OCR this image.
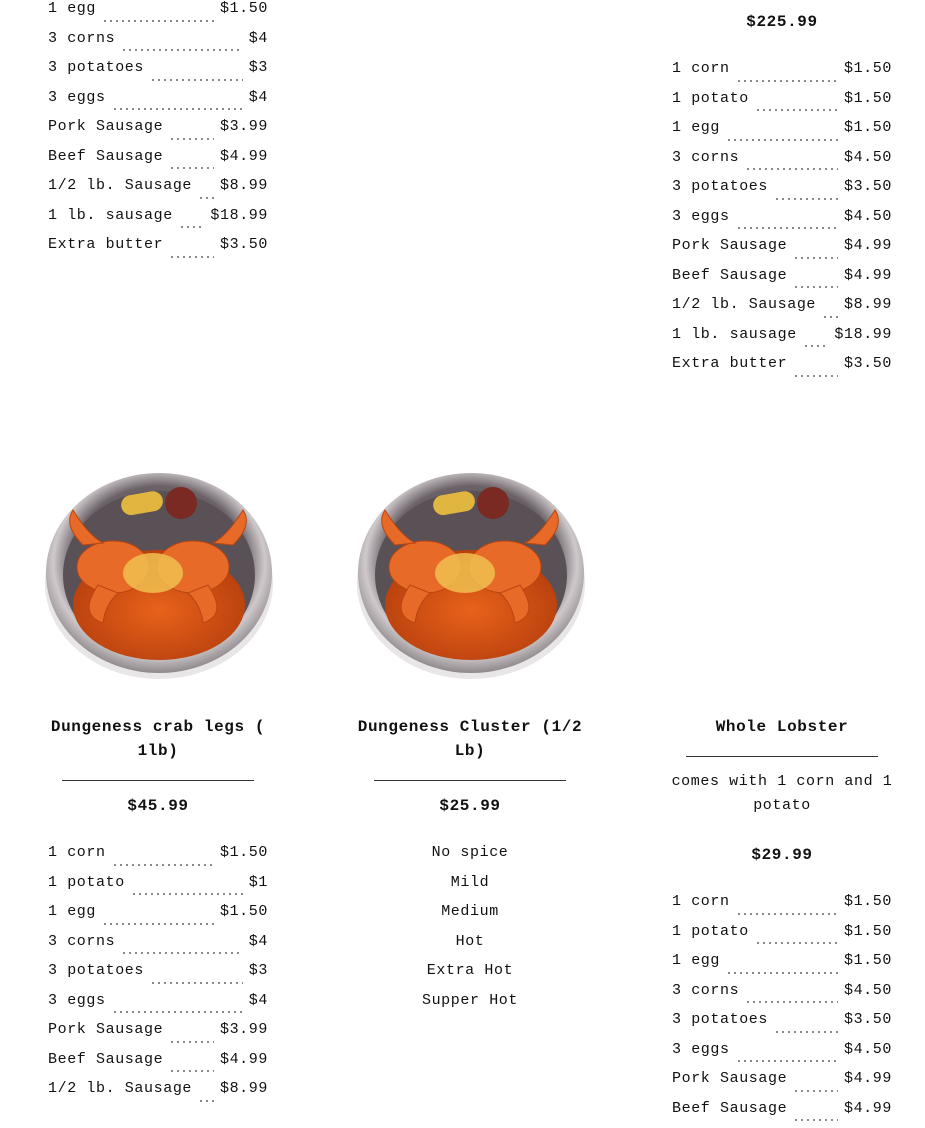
1 egg	$1.50
3 corns	$4
3 potatoes	$3
3 eggs	$4
Pork Sausage	$3.99
Beef Sausage	$4.99
1/2 lb. Sausage $8.99
1 lb. sausage	$18.99
Extra butter	$3.50
$225.99
1 corn	$1.50
1 potato	$1.50
1 egg	$1.50
3 corns	$4.50
3 potatoes	$3.50
3 eggs	$4.50
Pork Sausage	$4.99
Beef Sausage	$4.99
1/2 lb. Sausage $8.99
1 lb. sausage	$18.99
Extra butter	$3.50
Dungeness crab legs ( 1lb)
$45.99
1 corn	$1.50
1 potato	$1
1 egg	$1.50
3 corns	$4
3 potatoes	$3
3 eggs	$4
Pork Sausage	$3.99
Beef Sausage	$4.99
1/2 lb. Sausage $8.99
Dungeness Cluster (1/2 Lb)
$25.99
No spice
Mild
Medium
Hot
Extra Hot
Supper Hot
Whole Lobster
comes with 1 corn and 1 potato
$29.99
1 corn	$1.50
1 potato	$1.50
1 egg	$1.50
3 corns	$4.50
3 potatoes	$3.50
3 eggs	$4.50
Pork Sausage	$4.99
Beef Sausage	$4.99
